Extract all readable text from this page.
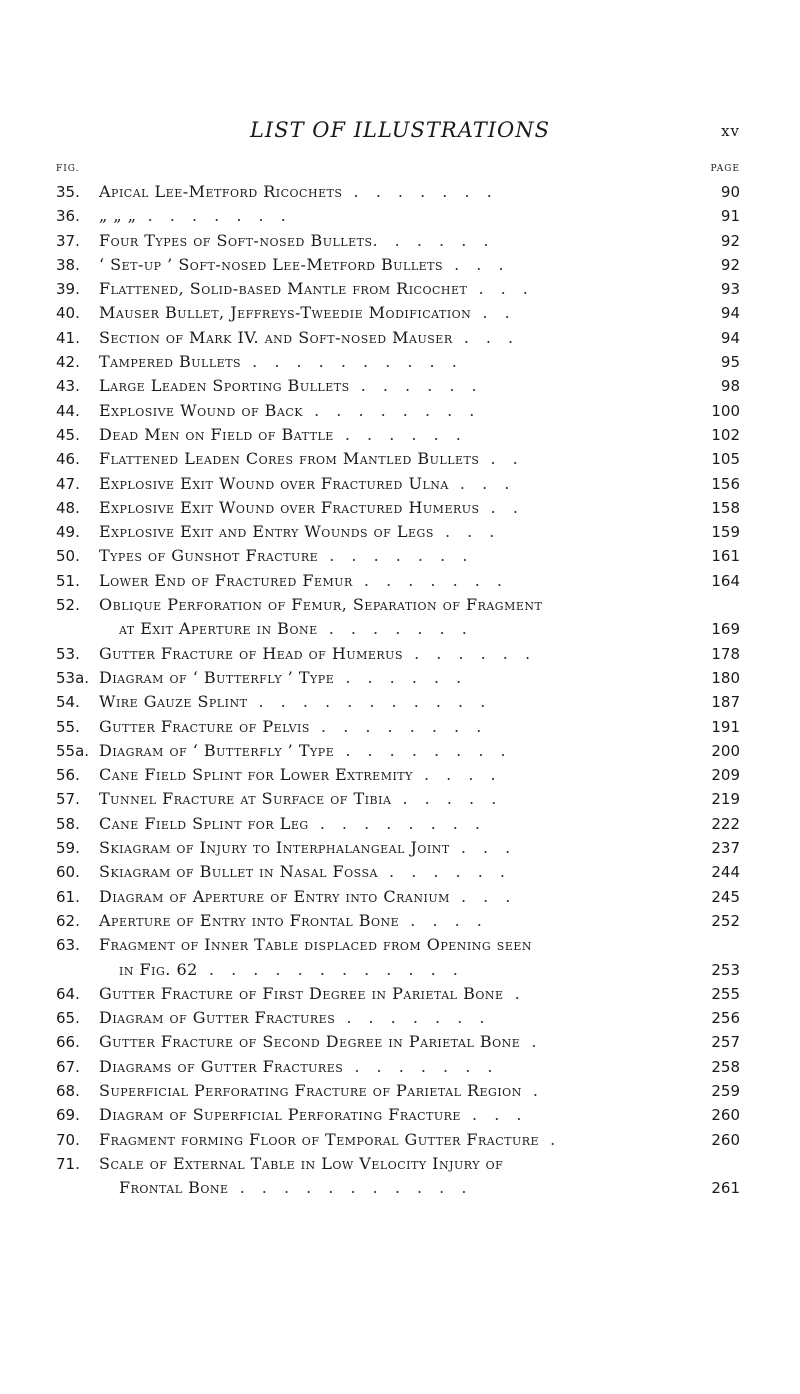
LIST OF ILLUSTRATIONS	xv
FIG.	PAGE
35.	Apical Lee-Metford Ricochets . . . . . . .	90
36.	„ „ „ . . . . . . .	91
37.	Four Types of Soft-nosed Bullets. . . . . .	92
38.	‘ Set-up ’ Soft-nosed Lee-Metford Bullets . . .	92
39.	Flattened, Solid-based Mantle from Ricochet . . .	93
40.	Mauser Bullet, Jeffreys-Tweedie Modification . .	94
41.	Section of Mark IV. and Soft-nosed Mauser . . .	94
42.	Tampered Bullets . . . . . . . . . .	95
43.	Large Leaden Sporting Bullets . . . . . .	98
44.	Explosive Wound of Back . . . . . . . .	100
45.	Dead Men on Field of Battle . . . . . .	102
46.	Flattened Leaden Cores from Mantled Bullets . .	105
47.	Explosive Exit Wound over Fractured Ulna . . .	156
48.	Explosive Exit Wound over Fractured Humerus . .	158
49.	Explosive Exit and Entry Wounds of Legs . . .	159
50.	Types of Gunshot Fracture . . . . . . .	161
51.	Lower End of Fractured Femur . . . . . . .	164
52.	Oblique Perforation of Femur, Separation of Fragment
at Exit Aperture in Bone . . . . . . .	169
53.	Gutter Fracture of Head of Humerus . . . . . .	178
53a. Diagram of ‘ Butterfly ’ Type . . . . . .	180
54.	Wire Gauze Splint . . . . . . . . . . .	187
55.	Gutter Fracture of Pelvis . . . . . . . .	191
55a. Diagram of ‘ Butterfly ’ Type . . . . . . . .	200
56.	Cane Field Splint for Lower Extremity . . . .	209
57.	Tunnel Fracture at Surface of Tibia . . . . .	219
58.	Cane Field Splint for Leg . . . . . . . .	222
59.	Skiagram of Injury to Interphalangeal Joint . . .	237
60.	Skiagram of Bullet in Nasal Fossa . . . . . .	244
61.	Diagram of Aperture of Entry into Cranium . . .	245
62.	Aperture of Entry into Frontal Bone . . . .	252
63.	Fragment of Inner Table displaced from Opening seen
in Fig. 62 . . . . . . . . . . . .	253
64.	Gutter Fracture of First Degree in Parietal Bone .	255
65.	Diagram of Gutter Fractures . . . . . . .	256
66.	Gutter Fracture of Second Degree in Parietal Bone .	257
67.	Diagrams of Gutter Fractures . . . . . . .	258
68.	Superficial Perforating Fracture of Parietal Region .	259
69.	Diagram of Superficial Perforating Fracture . . .	260
70.	Fragment forming Floor of Temporal Gutter Fracture .	260
71.	Scale of External Table in Low Velocity Injury of
Frontal Bone . . . . . . . . . . .	261
